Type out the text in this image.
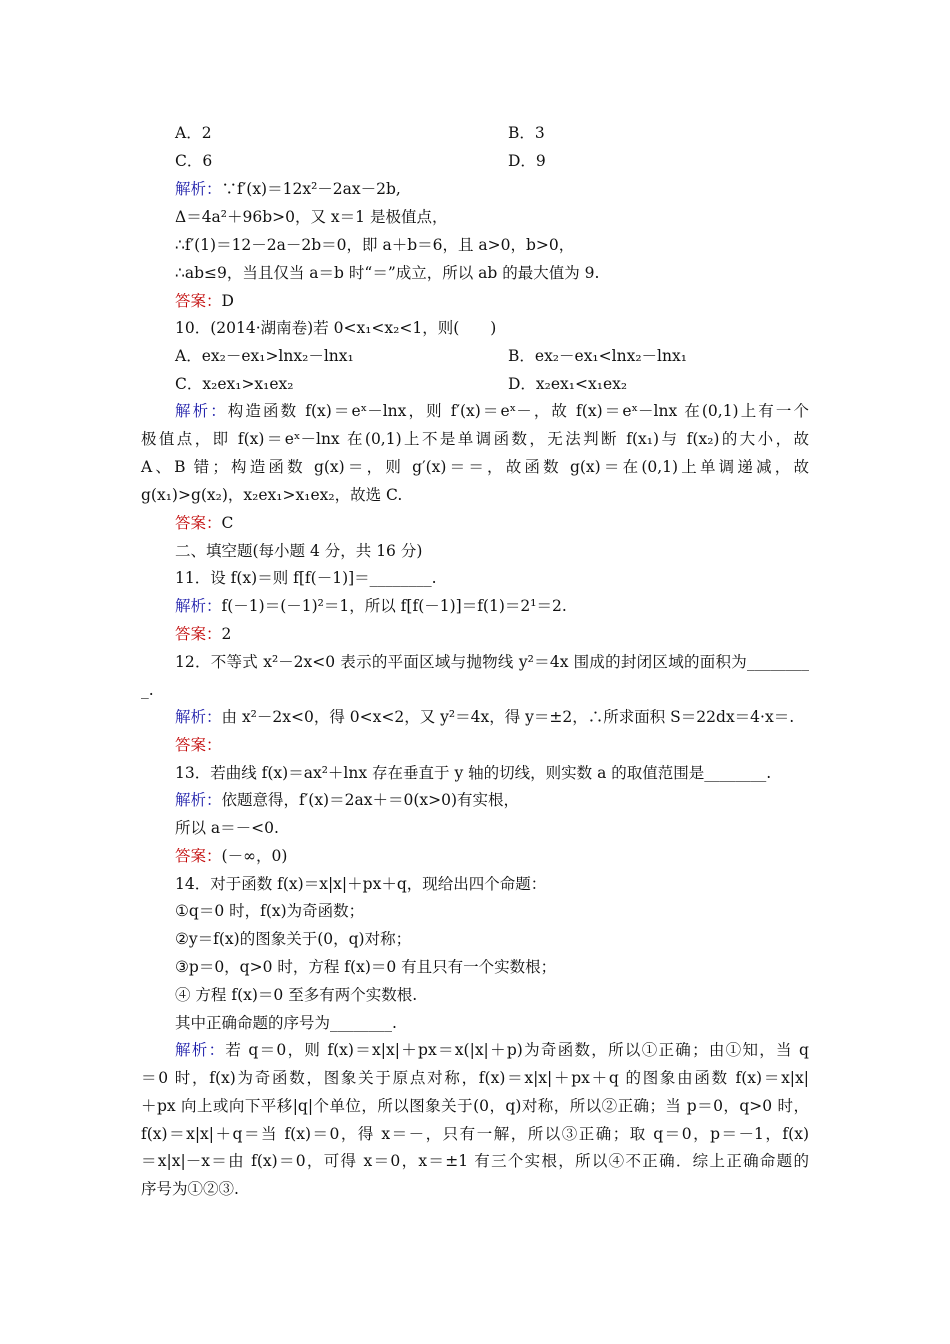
A．2	B．3
C．6	D．9
解析：∵f′(x)＝12x²－2ax－2b,
Δ＝4a²＋96b>0，又 x＝1 是极值点，
∴f′(1)＝12－2a－2b＝0，即 a＋b＝6，且 a>0，b>0，
∴ab≤9，当且仅当 a＝b 时“＝”成立，所以 ab 的最大值为 9.
答案：D
10．(2014·湖南卷)若 0<x₁<x₂<1，则(　　)
A．ex₂－ex₁>lnx₂－lnx₁	B．ex₂－ex₁<lnx₂－lnx₁
C．x₂ex₁>x₁ex₂	D．x₂ex₁<x₁ex₂
解析：构造函数 f(x)＝eˣ－lnx，则 f′(x)＝eˣ－，故 f(x)＝eˣ－lnx 在(0,1)上有一个
极值点，即 f(x)＝eˣ－lnx 在(0,1)上不是单调函数，无法判断 f(x₁)与 f(x₂)的大小，故
A、B 错；构造函数 g(x)＝，则 g′(x)＝＝，故函数 g(x)＝在(0,1)上单调递减，故
g(x₁)>g(x₂)，x₂ex₁>x₁ex₂，故选 C.
答案：C
二、填空题(每小题 4 分，共 16 分)
11．设 f(x)＝则 f[f(－1)]＝________.
解析：f(－1)＝(－1)²＝1，所以 f[f(－1)]＝f(1)＝2¹＝2.
答案：2
12．不等式 x²－2x<0 表示的平面区域与抛物线 y²＝4x 围成的封闭区域的面积为________
_.
解析：由 x²－2x<0，得 0<x<2，又 y²＝4x，得 y＝±2，∴所求面积 S＝22dx＝4·x＝.
答案：
13．若曲线 f(x)＝ax²＋lnx 存在垂直于 y 轴的切线，则实数 a 的取值范围是________.
解析：依题意得，f′(x)＝2ax＋＝0(x>0)有实根，
所以 a＝－<0.
答案：(－∞，0)
14．对于函数 f(x)＝x|x|＋px＋q，现给出四个命题：
①q＝0 时，f(x)为奇函数；
②y＝f(x)的图象关于(0，q)对称；
③p＝0，q>0 时，方程 f(x)＝0 有且只有一个实数根；
④ 方程 f(x)＝0 至多有两个实数根.
其中正确命题的序号为________.
解析：若 q＝0，则 f(x)＝x|x|＋px＝x(|x|＋p)为奇函数，所以①正确；由①知，当 q
＝0 时，f(x)为奇函数，图象关于原点对称，f(x)＝x|x|＋px＋q 的图象由函数 f(x)＝x|x|
＋px 向上或向下平移|q|个单位，所以图象关于(0，q)对称，所以②正确；当 p＝0，q>0 时，
f(x)＝x|x|＋q＝当 f(x)＝0，得 x＝－，只有一解，所以③正确；取 q＝0，p＝－1，f(x)
＝x|x|－x＝由 f(x)＝0，可得 x＝0，x＝±1 有三个实根，所以④不正确．综上正确命题的
序号为①②③.
